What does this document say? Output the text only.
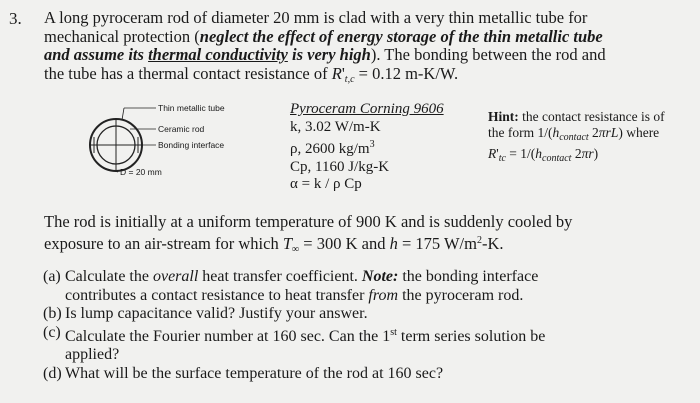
3. A long pyroceram rod of diameter 20 mm is clad with a very thin metallic tube for
mechanical protection (neglect the effect of energy storage of the thin metallic tube
and assume its thermal conductivity is very high). The bonding between the rod and
the tube has a thermal contact resistance of $R'_{t,c} = 0.12$ m-K/W.
Thin metallic tube
Ceramic rod
Bonding interface
D = 20 mm
Pyroceram Corning 9606
k, 3.02 W/m-K
ρ, 2600 $kg/m^3$
Cp, 1160 J/kg-K
α = k / ρ Cp
Hint: the contact resistance is of
the form $1/(h_{contact}$ 2πrL) where
$R'_{tc} = 1/(h_{contact}$ 2πr)
The rod is initially at a uniform temperature of 900 K and is suddenly cooled by
exposure to an air-stream for which $T_\infty = 300$ K and h = 175 $W/m^2-K$.
(a) Calculate the overall heat transfer coefficient. Note: the bonding interface
contributes a contact resistance to heat transfer from the pyroceram rod.
(b) Is lump capacitance valid? Justify your answer.
(c) Calculate the Fourier number at 160 sec. Can the 1st term series solution be
applied?
(d) What will be the surface temperature of the rod at 160 sec?
